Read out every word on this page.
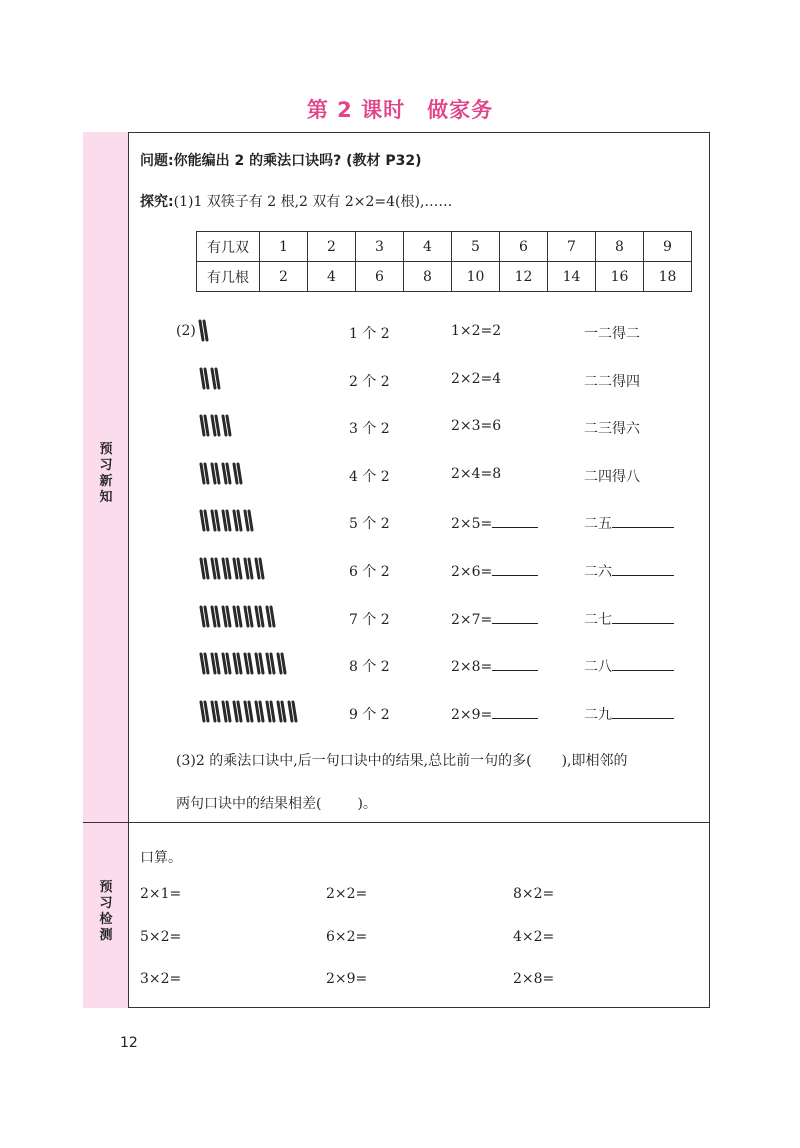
第 2 课时 做家务
预习新知
预习检测
问题:你能编出 2 的乘法口诀吗? (教材 P32)
探究:(1)1 双筷子有 2 根,2 双有 2×2=4(根),……
有几双	1	2	3	4	5	6	7	8	9
有几根	2	4	6	8	10	12	14	16	18
(2)	1 个 2	1×2=2	一二得二
2 个 2	2×2=4	二二得四
3 个 2	2×3=6	二三得六
4 个 2	2×4=8	二四得八
5 个 2	2×5=	二五
6 个 2	2×6=	二六
7 个 2	2×7=	二七
8 个 2	2×8=	二八
9 个 2	2×9=	二九
(3)2 的乘法口诀中,后一句口诀中的结果,总比前一句的多( ),即相邻的
两句口诀中的结果相差(	)。
口算。
2×1=	2×2=	8×2=
5×2=	6×2=	4×2=
3×2=	2×9=	2×8=
12
